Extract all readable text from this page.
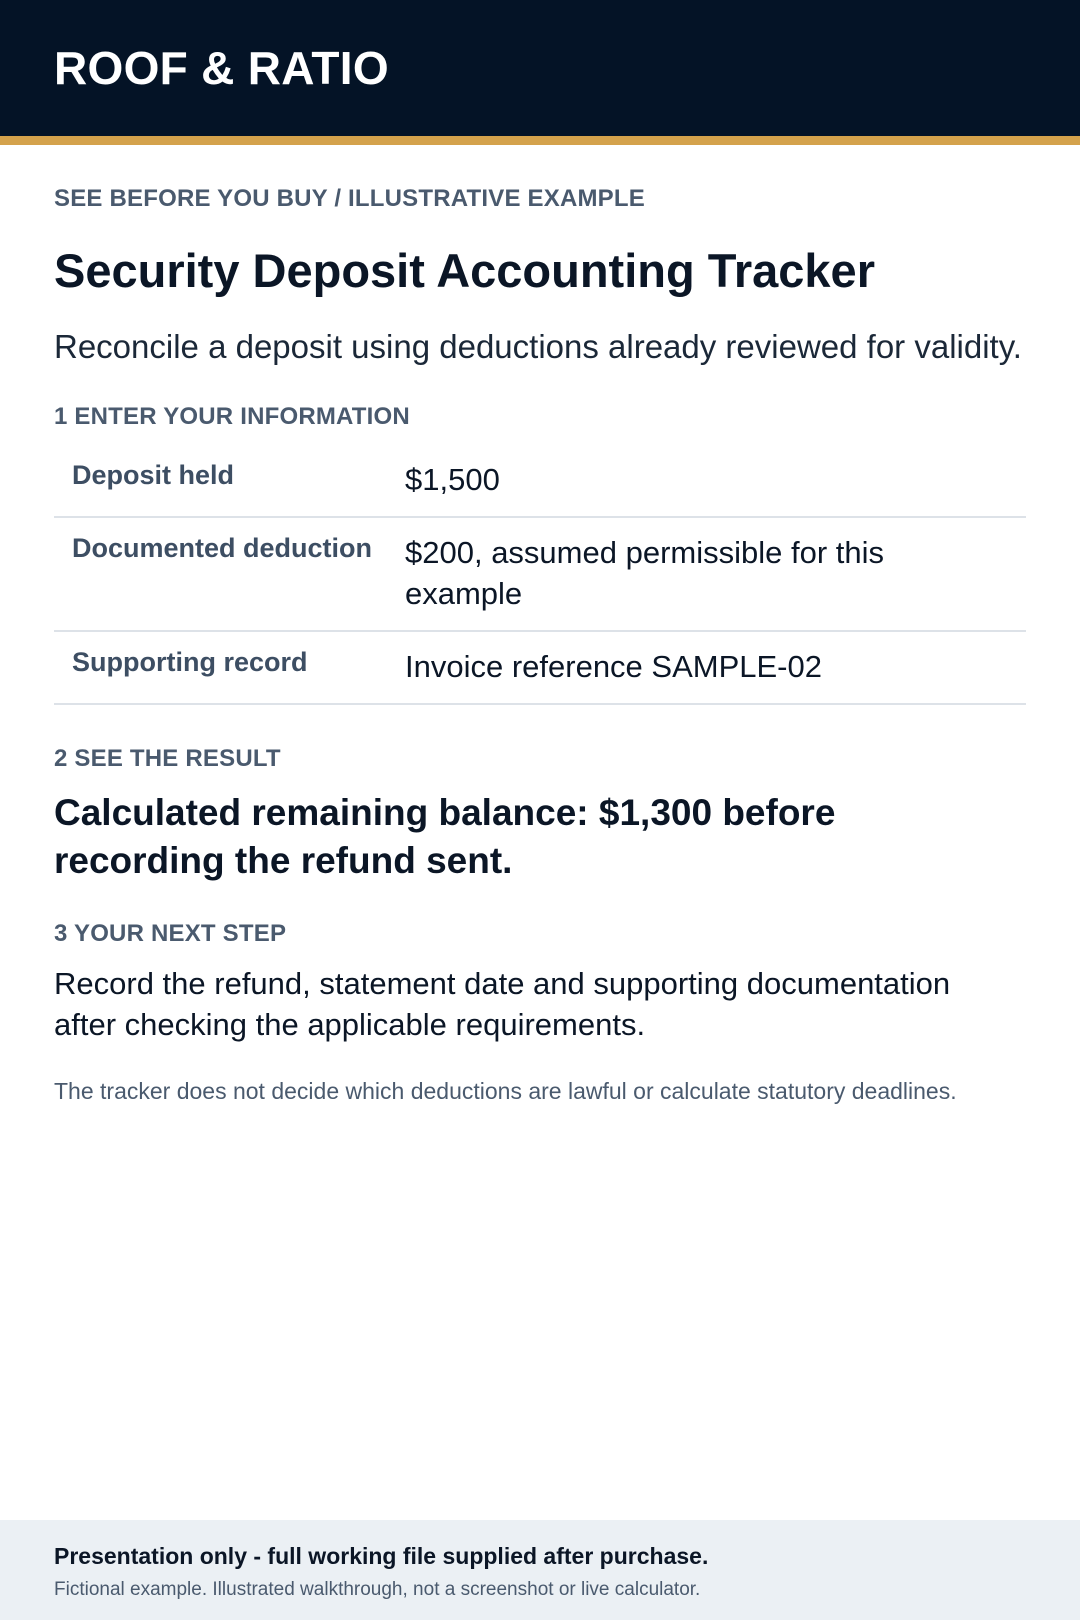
ROOF & RATIO
SEE BEFORE YOU BUY / ILLUSTRATIVE EXAMPLE
Security Deposit Accounting Tracker

Reconcile a deposit using deductions already reviewed for validity.

1 ENTER YOUR INFORMATION
Deposit held	$1,500
Documented deduction $200, assumed permissible for this example
Supporting record	Invoice reference SAMPLE-02
2 SEE THE RESULT
Calculated remaining balance: $1,300 before recording the refund sent.
3 YOUR NEXT STEP
Record the refund, statement date and supporting documentation after checking the applicable requirements.
The tracker does not decide which deductions are lawful or calculate statutory deadlines.
Presentation only - full working file supplied after purchase.
Fictional example. Illustrated walkthrough, not a screenshot or live calculator.
